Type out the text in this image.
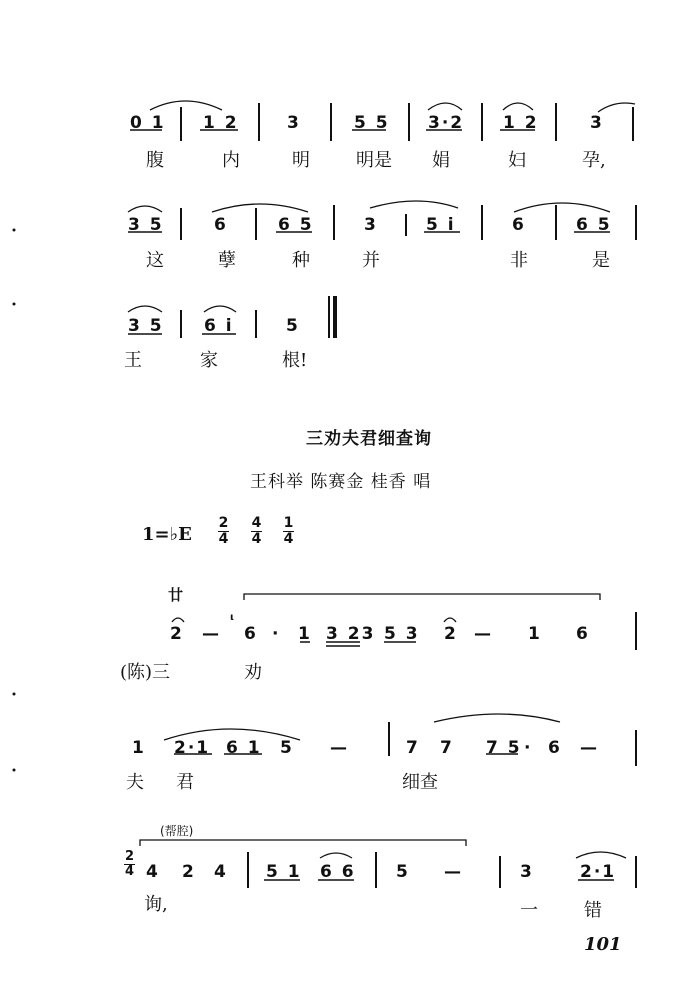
0 1 1 2	3	5 5 3·2 1 2	3
腹	内	明	明是 娟	妇	孕,
3 5	6	6 5	3	5 i	6	6 5
这	孽	种	并	非	是
3 5 6 i	5
王	家	根!
三劝夫君细查询
王科举 陈赛金 桂香 唱
1=♭E
2
4
4
4
1
4
廿
2 —
ι
6 · 1 3 23 5 3 2 — 1 6
(陈)三	劝
1 2·1 6 1 5 —	7 7 7 5 · 6 —
夫 君	细查
(帮腔)
2
4 4 2 4 5 1 6 6 5 —	3	2·1
询,	一	错
101
